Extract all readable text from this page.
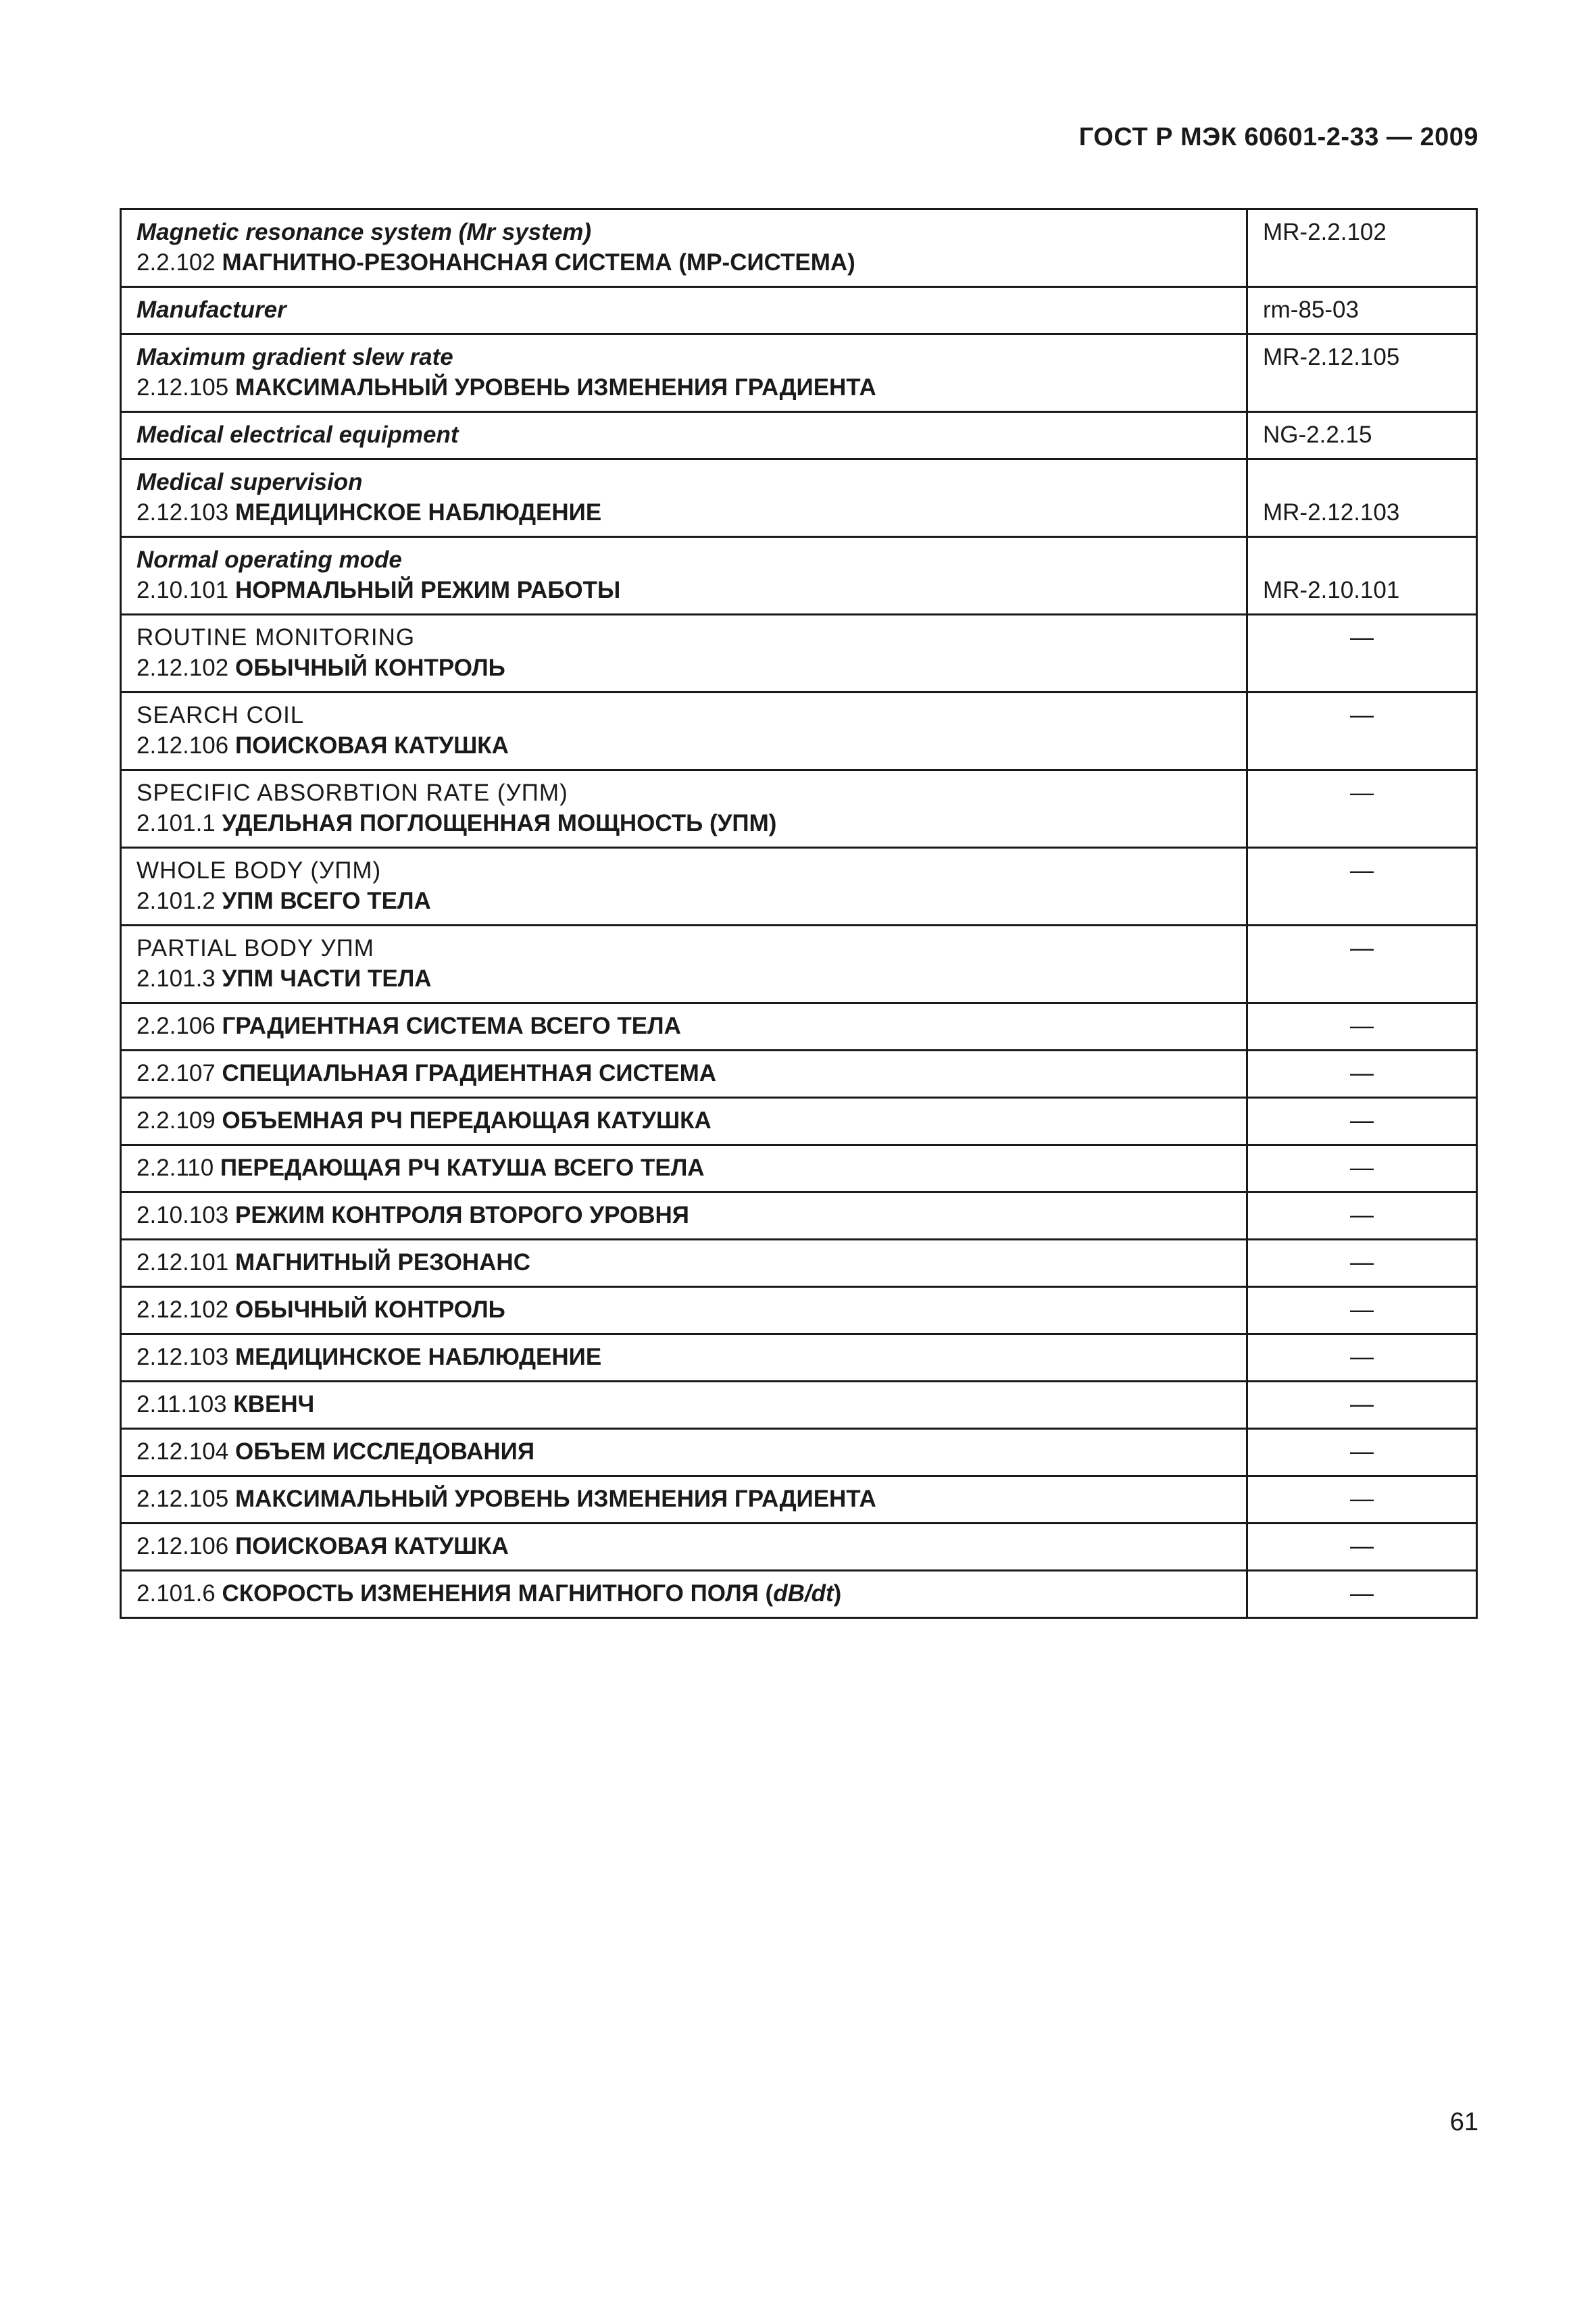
ГОСТ Р МЭК 60601-2-33 — 2009
Magnetic resonance system (Mr system)
2.2.102 МАГНИТНО-РЕЗОНАНСНАЯ СИСТЕМА (МР-СИСТЕМА)	MR-2.2.102

Manufacturer	rm-85-03

Maximum gradient slew rate
2.12.105 МАКСИМАЛЬНЫЙ УРОВЕНЬ ИЗМЕНЕНИЯ ГРАДИЕНТА	MR-2.12.105

Medical electrical equipment	NG-2.2.15

Medical supervision
2.12.103 МЕДИЦИНСКОЕ НАБЛЮДЕНИЕ	MR-2.12.103

Normal operating mode
2.10.101 НОРМАЛЬНЫЙ РЕЖИМ РАБОТЫ	MR-2.10.101

ROUTINE MONITORING
2.12.102 ОБЫЧНЫЙ КОНТРОЛЬ	—

SEARCH COIL
2.12.106 ПОИСКОВАЯ КАТУШКА	—

SPECIFIC ABSORBTION RATE (УПМ)
2.101.1 УДЕЛЬНАЯ ПОГЛОЩЕННАЯ МОЩНОСТЬ (УПМ)	—

WHOLE BODY (УПМ)
2.101.2 УПМ ВСЕГО ТЕЛА	—

PARTIAL BODY УПМ
2.101.3 УПМ ЧАСТИ ТЕЛА	—

2.2.106 ГРАДИЕНТНАЯ СИСТЕМА ВСЕГО ТЕЛА	—

2.2.107 СПЕЦИАЛЬНАЯ ГРАДИЕНТНАЯ СИСТЕМА	—

2.2.109 ОБЪЕМНАЯ РЧ ПЕРЕДАЮЩАЯ КАТУШКА	—

2.2.110 ПЕРЕДАЮЩАЯ РЧ КАТУША ВСЕГО ТЕЛА	—

2.10.103 РЕЖИМ КОНТРОЛЯ ВТОРОГО УРОВНЯ	—

2.12.101 МАГНИТНЫЙ РЕЗОНАНС	—

2.12.102 ОБЫЧНЫЙ КОНТРОЛЬ	—

2.12.103 МЕДИЦИНСКОЕ НАБЛЮДЕНИЕ	—

2.11.103 КВЕНЧ	—

2.12.104 ОБЪЕМ ИССЛЕДОВАНИЯ	—

2.12.105 МАКСИМАЛЬНЫЙ УРОВЕНЬ ИЗМЕНЕНИЯ ГРАДИЕНТА	—

2.12.106 ПОИСКОВАЯ КАТУШКА	—

2.101.6 СКОРОСТЬ ИЗМЕНЕНИЯ МАГНИТНОГО ПОЛЯ (dB/dt)	—
61
